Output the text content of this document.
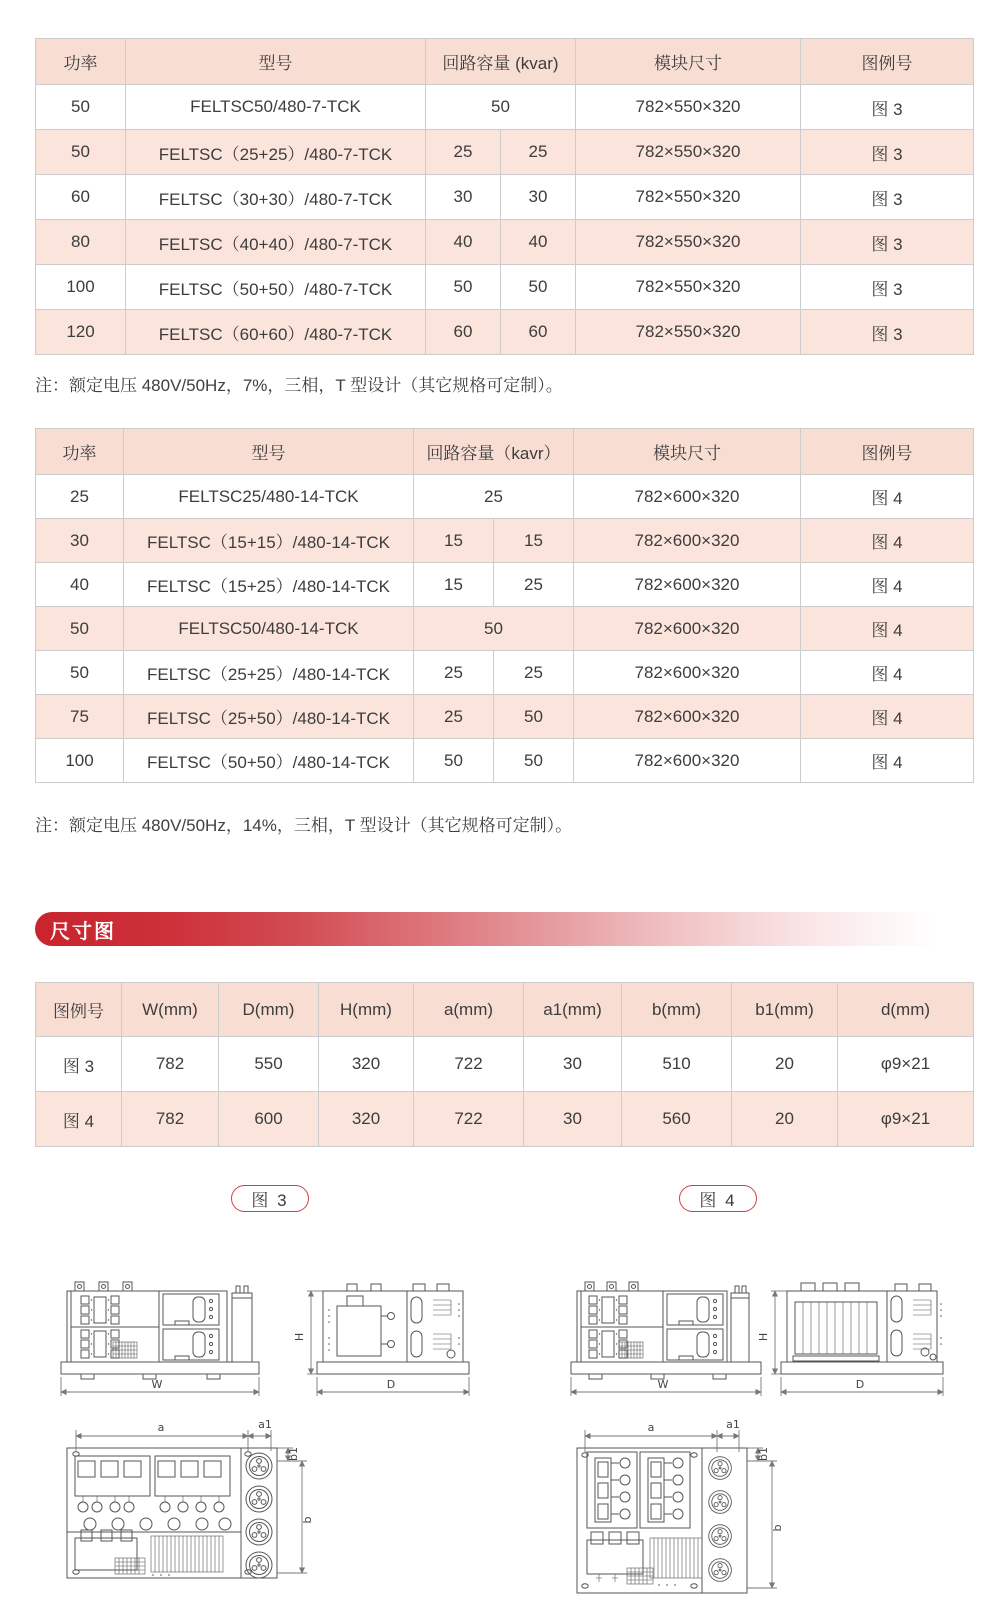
功率	型号	回路容量 (kvar)		模块尺寸	图例号
50	FELTSC50/480-7-TCK	50		782×550×320	图 3
50	FELTSC（25+25）/480-7-TCK	25	25	782×550×320	图 3
60	FELTSC（30+30）/480-7-TCK	30	30	782×550×320	图 3
80	FELTSC（40+40）/480-7-TCK	40	40	782×550×320	图 3
100	FELTSC（50+50）/480-7-TCK	50	50	782×550×320	图 3
120	FELTSC（60+60）/480-7-TCK	60	60	782×550×320	图 3
注：额定电压 480V/50Hz，7%，三相，T 型设计（其它规格可定制）。
功率	型号	回路容量（kavr）		模块尺寸	图例号
25	FELTSC25/480-14-TCK	25		782×600×320	图 4
30	FELTSC（15+15）/480-14-TCK	15	15	782×600×320	图 4
40	FELTSC（15+25）/480-14-TCK	15	25	782×600×320	图 4
50	FELTSC50/480-14-TCK	50		782×600×320	图 4
50	FELTSC（25+25）/480-14-TCK	25	25	782×600×320	图 4
75	FELTSC（25+50）/480-14-TCK	25	50	782×600×320	图 4
100	FELTSC（50+50）/480-14-TCK	50	50	782×600×320	图 4
注：额定电压 480V/50Hz，14%，三相，T 型设计（其它规格可定制）。
尺寸图
图例号	W(mm)	D(mm)	H(mm)	a(mm)	a1(mm)	b(mm)	b1(mm)	d(mm)
图 3	782	550	320	722	30	510	20	φ9×21
图 4	782	600	320	722	30	560	20	φ9×21
图 3	图 4
W
H
D
a	a1
b1
b
W
H
D
a	a1
b1
b
